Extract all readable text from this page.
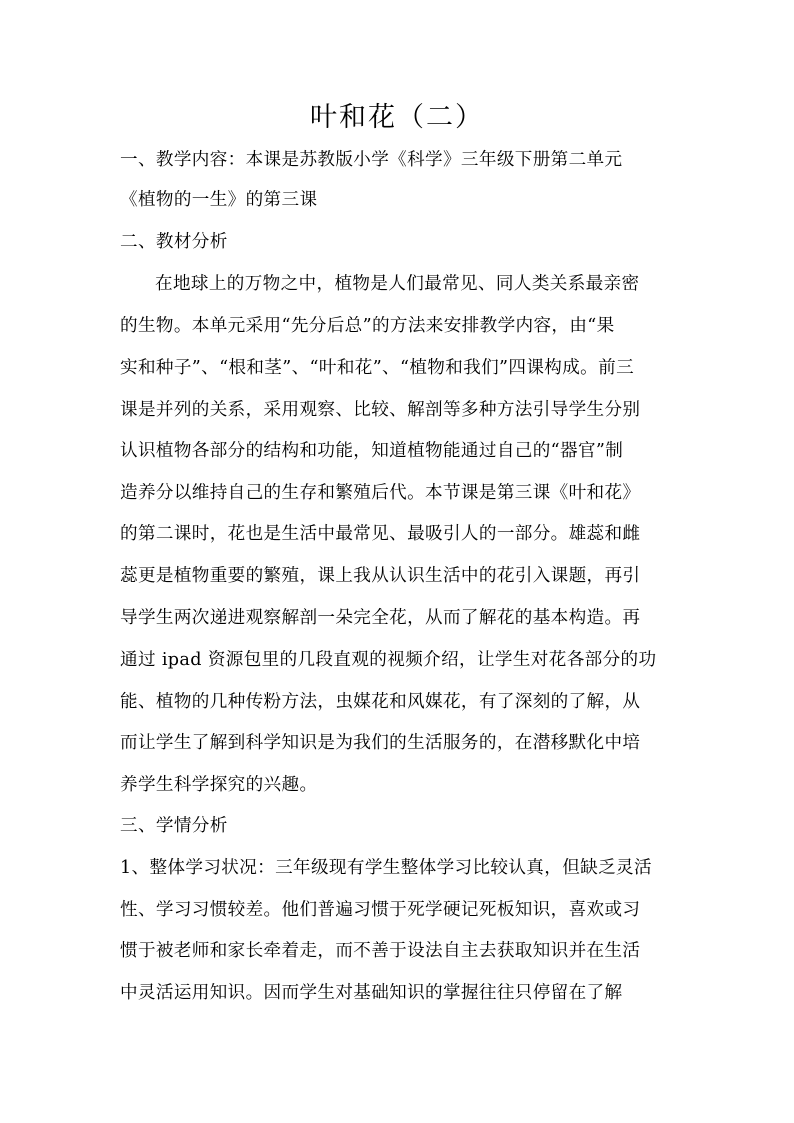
叶和花（二）
一、教学内容：本课是苏教版小学《科学》三年级下册第二单元
《植物的一生》的第三课
二、教材分析
在地球上的万物之中，植物是人们最常见、同人类关系最亲密
的生物。本单元采用“先分后总”的方法来安排教学内容，由“果
实和种子”、“根和茎”、“叶和花”、“植物和我们”四课构成。前三
课是并列的关系，采用观察、比较、解剖等多种方法引导学生分别
认识植物各部分的结构和功能，知道植物能通过自己的“器官”制
造养分以维持自己的生存和繁殖后代。本节课是第三课《叶和花》
的第二课时，花也是生活中最常见、最吸引人的一部分。雄蕊和雌
蕊更是植物重要的繁殖，课上我从认识生活中的花引入课题，再引
导学生两次递进观察解剖一朵完全花，从而了解花的基本构造。再
通过 ipad 资源包里的几段直观的视频介绍，让学生对花各部分的功
能、植物的几种传粉方法，虫媒花和风媒花，有了深刻的了解，从
而让学生了解到科学知识是为我们的生活服务的，在潜移默化中培
养学生科学探究的兴趣。
三、学情分析
1、整体学习状况：三年级现有学生整体学习比较认真，但缺乏灵活
性、学习习惯较差。他们普遍习惯于死学硬记死板知识，喜欢或习
惯于被老师和家长牵着走，而不善于设法自主去获取知识并在生活
中灵活运用知识。因而学生对基础知识的掌握往往只停留在了解
